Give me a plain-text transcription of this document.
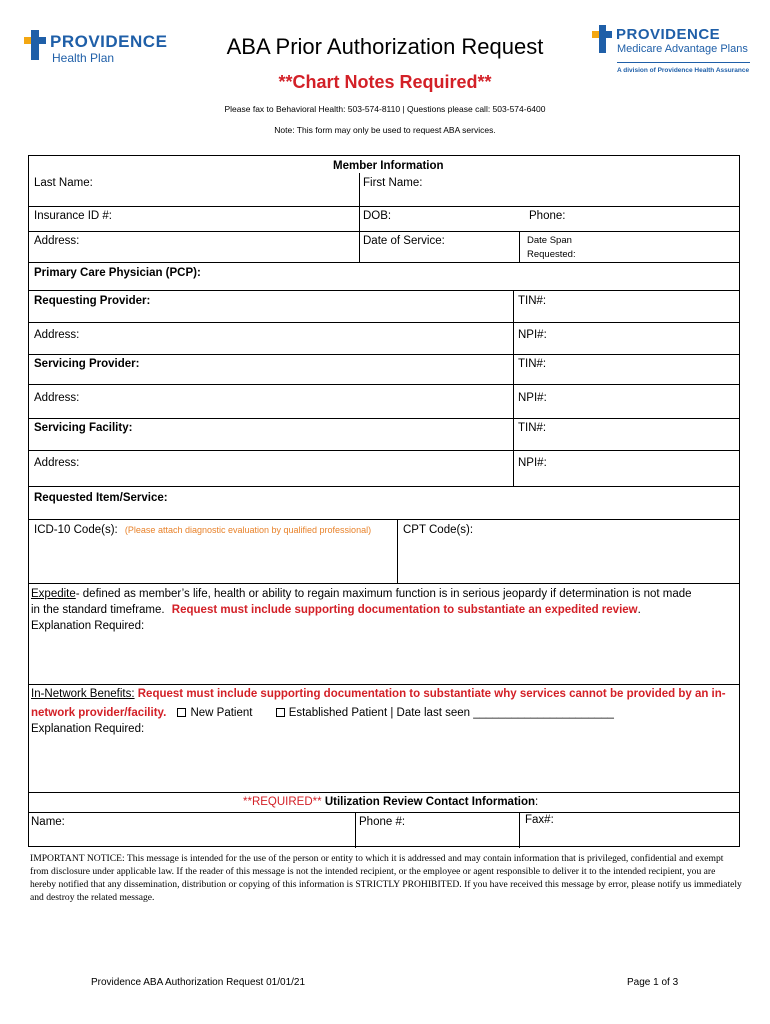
PROVIDENCE
Health Plan
PROVIDENCE
Medicare Advantage Plans
A division of Providence Health Assurance
ABA Prior Authorization Request
**Chart Notes Required**
Please fax to Behavioral Health: 503-574-8110 | Questions please call: 503-574-6400
Note: This form may only be used to request ABA services.
Member Information
Last Name:	First Name:
Insurance ID #:	DOB:	Phone:
Address:	Date of Service:	Date Span
Requested:
Primary Care Physician (PCP):
Requesting Provider:	TIN#:
Address:	NPI#:
Servicing Provider:	TIN#:
Address:	NPI#:
Servicing Facility:	TIN#:
Address:	NPI#:
Requested Item/Service:
ICD-10 Code(s): (Please attach diagnostic evaluation by qualified professional)	CPT Code(s):
Expedite- defined as member’s life, health or ability to regain maximum function is in serious jeopardy if determination is not made
in the standard timeframe. Request must include supporting documentation to substantiate an expedited review.
Explanation Required:
In-Network Benefits: Request must include supporting documentation to substantiate why services cannot be provided by an in-
network provider/facility. New Patient	Established Patient | Date last seen ______________________
Explanation Required:
**REQUIRED** Utilization Review Contact Information:
Name:	Phone #:	Fax#:
IMPORTANT NOTICE: This message is intended for the use of the person or entity to which it is addressed and may contain information that is privileged, confidential and exempt from disclosure under applicable law. If the reader of this message is not the intended recipient, or the employee or agent responsible to deliver it to the intended recipient, you are hereby notified that any dissemination, distribution or copying of this information is STRICTLY PROHIBITED. If you have received this message by error, please notify us immediately and destroy the related message.
Providence ABA Authorization Request 01/01/21	Page 1 of 3
